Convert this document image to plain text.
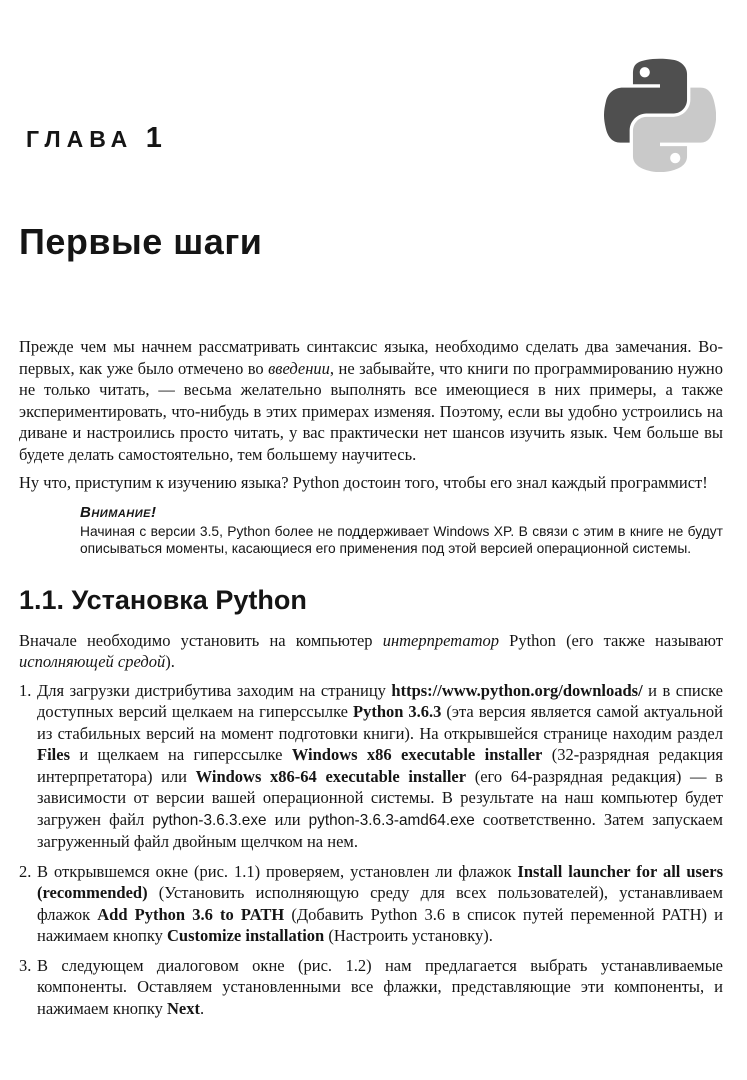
ГЛАВА 1
Первые шаги

Прежде чем мы начнем рассматривать синтаксис языка, необходимо сделать два замечания. Во-первых, как уже было отмечено во введении, не забывайте, что книги по программированию нужно не только читать, — весьма желательно выполнять все имеющиеся в них примеры, а также экспериментировать, что-нибудь в этих примерах изменяя. Поэтому, если вы удобно устроились на диване и настроились просто читать, у вас практически нет шансов изучить язык. Чем больше вы будете делать самостоятельно, тем большему научитесь.

Ну что, приступим к изучению языка? Python достоин того, чтобы его знал каждый программист!

Внимание!

Начиная с версии 3.5, Python более не поддерживает Windows XP. В связи с этим в книге не будут описываться моменты, касающиеся его применения под этой версией операционной системы.

1.1. Установка Python

Вначале необходимо установить на компьютер интерпретатор Python (его также называют исполняющей средой).

1. Для загрузки дистрибутива заходим на страницу https://www.python.org/downloads/ и в списке доступных версий щелкаем на гиперссылке Python 3.6.3 (эта версия является самой актуальной из стабильных версий на момент подготовки книги). На открывшейся странице находим раздел Files и щелкаем на гиперссылке Windows x86 executable installer (32-разрядная редакция интерпретатора) или Windows x86-64 executable installer (его 64-разрядная редакция) — в зависимости от версии вашей операционной системы. В результате на наш компьютер будет загружен файл python-3.6.3.exe или python-3.6.3-amd64.exe соответственно. Затем запускаем загруженный файл двойным щелчком на нем.
2. В открывшемся окне (рис. 1.1) проверяем, установлен ли флажок Install launcher for all users (recommended) (Установить исполняющую среду для всех пользователей), устанавливаем флажок Add Python 3.6 to PATH (Добавить Python 3.6 в список путей переменной PATH) и нажимаем кнопку Customize installation (Настроить установку).
3. В следующем диалоговом окне (рис. 1.2) нам предлагается выбрать устанавливаемые компоненты. Оставляем установленными все флажки, представляющие эти компоненты, и нажимаем кнопку Next.
